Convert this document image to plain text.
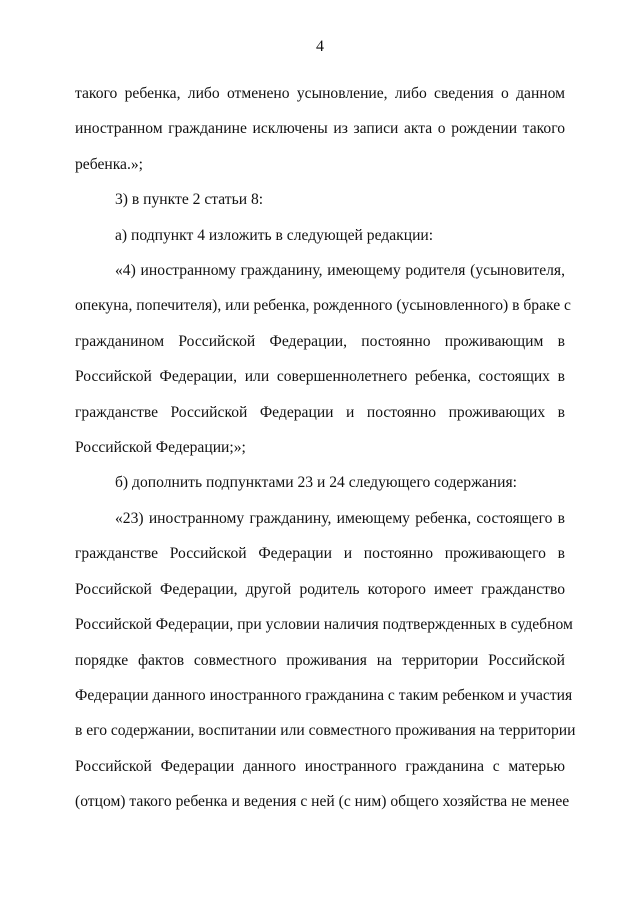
4

такого ребенка, либо отменено усыновление, либо сведения о данном
иностранном гражданине исключены из записи акта о рождении такого
ребенка.»;

3) в пункте 2 статьи 8:

а) подпункт 4 изложить в следующей редакции:

«4) иностранному гражданину, имеющему родителя (усыновителя,
опекуна, попечителя), или ребенка, рожденного (усыновленного) в браке с
гражданином Российской Федерации, постоянно проживающим в
Российской Федерации, или совершеннолетнего ребенка, состоящих в
гражданстве Российской Федерации и постоянно проживающих в
Российской Федерации;»;

б) дополнить подпунктами 23 и 24 следующего содержания:

«23) иностранному гражданину, имеющему ребенка, состоящего в
гражданстве Российской Федерации и постоянно проживающего в
Российской Федерации, другой родитель которого имеет гражданство
Российской Федерации, при условии наличия подтвержденных в судебном
порядке фактов совместного проживания на территории Российской
Федерации данного иностранного гражданина с таким ребенком и участия
в его содержании, воспитании или совместного проживания на территории
Российской Федерации данного иностранного гражданина с матерью
(отцом) такого ребенка и ведения с ней (с ним) общего хозяйства не менее
